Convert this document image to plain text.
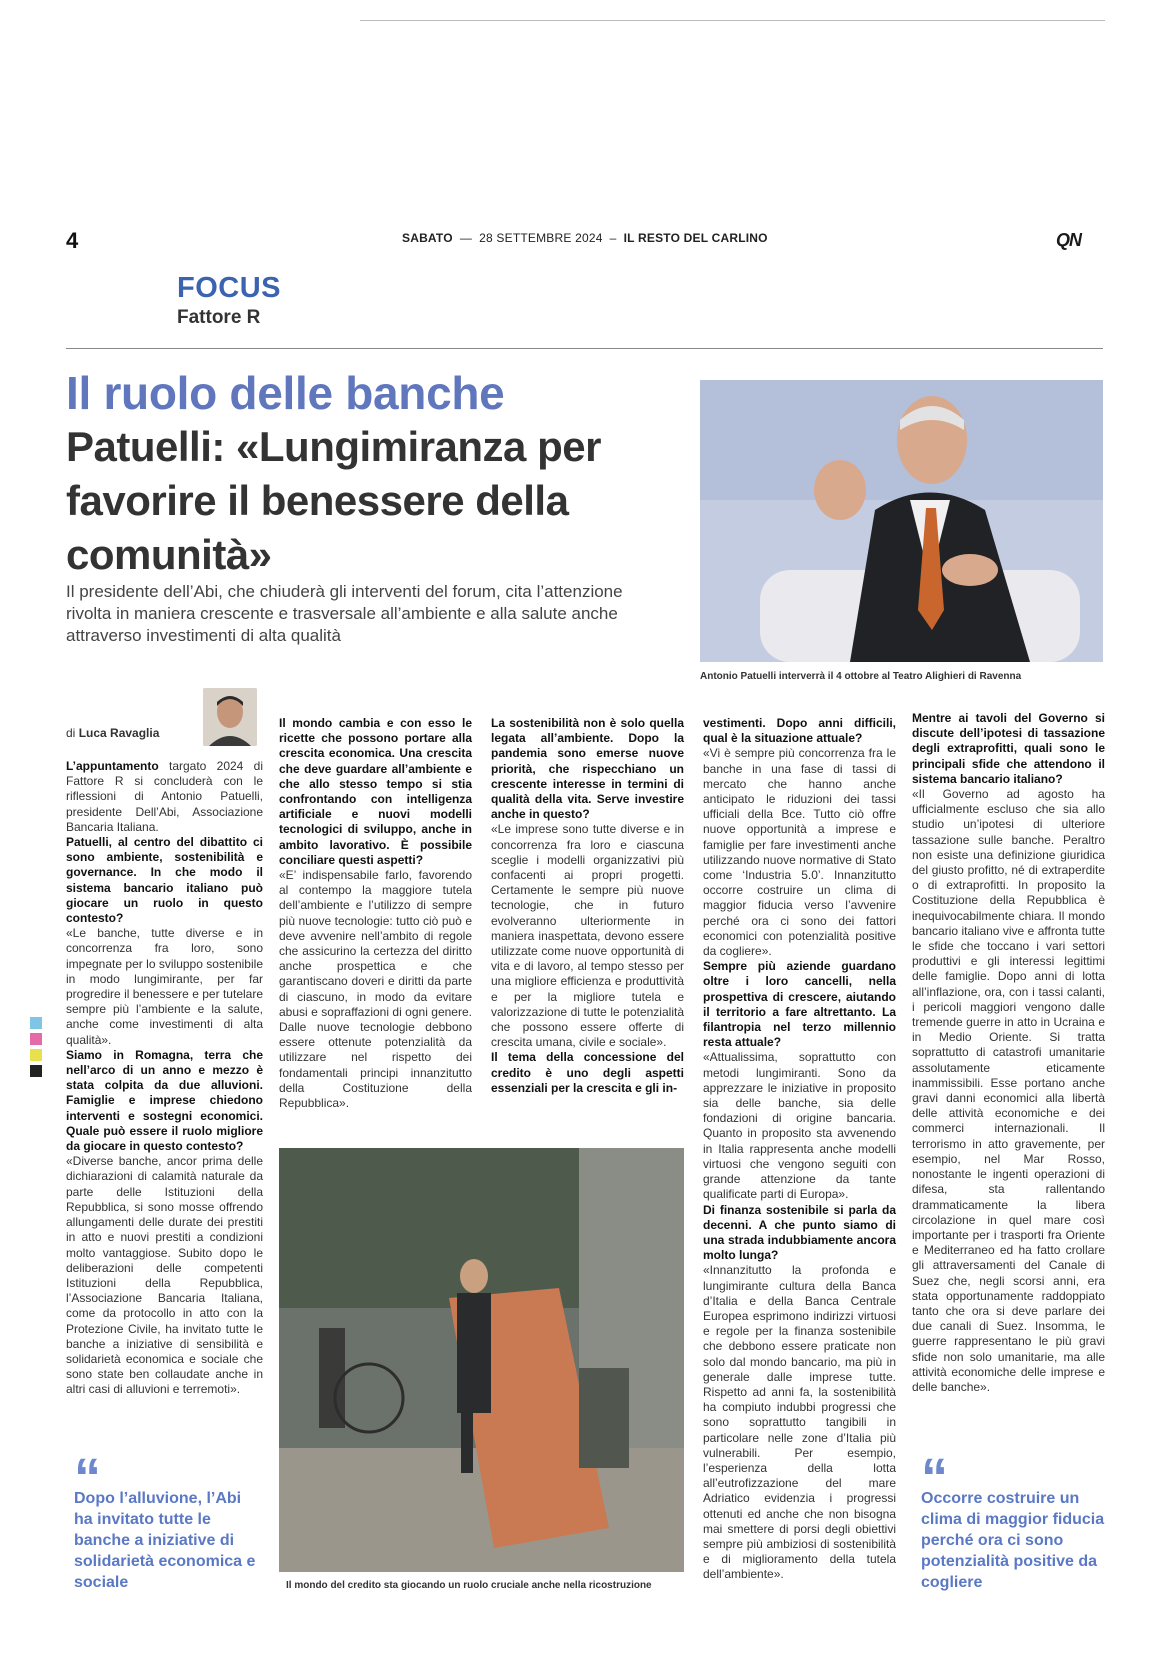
4	SABATO  —  28 SETTEMBRE 2024  –  IL RESTO DEL CARLINO	QN
FOCUS
Fattore R
Il ruolo delle banche
Patuelli: «Lungimiranza per favorire il benessere della comunità»
Il presidente dell’Abi, che chiuderà gli interventi del forum, cita l’attenzione rivolta in maniera crescente e trasversale all’ambiente e alla salute anche attraverso investimenti di alta qualità
Antonio Patuelli interverrà il 4 ottobre al Teatro Alighieri di Ravenna
di Luca Ravaglia

L’appuntamento targato 2024 di Fattore R si concluderà con le riflessioni di Antonio Patuelli, presidente Dell’Abi, Associazione Bancaria Italiana.

Patuelli, al centro del dibattito ci sono ambiente, sostenibilità e governance. In che modo il sistema bancario italiano può giocare un ruolo in questo contesto?

«Le banche, tutte diverse e in concorrenza fra loro, sono impegnate per lo sviluppo sostenibile in modo lungimirante, per far progredire il benessere e per tutelare sempre più l’ambiente e la salute, anche come investimenti di alta qualità».

Siamo in Romagna, terra che nell’arco di un anno e mezzo è stata colpita da due alluvioni. Famiglie e imprese chiedono interventi e sostegni economici. Quale può essere il ruolo migliore da giocare in questo contesto?

«Diverse banche, ancor prima delle dichiarazioni di calamità naturale da parte delle Istituzioni della Repubblica, si sono mosse offrendo allungamenti delle durate dei prestiti in atto e nuovi prestiti a condizioni molto vantaggiose. Subito dopo le deliberazioni delle competenti Istituzioni della Repubblica, l’Associazione Bancaria Italiana, come da protocollo in atto con la Protezione Civile, ha invitato tutte le banche a iniziative di sensibilità e solidarietà economica e sociale che sono state ben collaudate anche in altri casi di alluvioni e terremoti».

Il mondo cambia e con esso le ricette che possono portare alla crescita economica. Una crescita che deve guardare all’ambiente e che allo stesso tempo si stia confrontando con intelligenza artificiale e nuovi modelli tecnologici di sviluppo, anche in ambito lavorativo. È possibile conciliare questi aspetti?

«E’ indispensabile farlo, favorendo al contempo la maggiore tutela dell’ambiente e l’utilizzo di sempre più nuove tecnologie: tutto ciò può e deve avvenire nell’ambito di regole che assicurino la certezza del diritto anche prospettica e che garantiscano doveri e diritti da parte di ciascuno, in modo da evitare abusi e sopraffazioni di ogni genere. Dalle nuove tecnologie debbono essere ottenute potenzialità da utilizzare nel rispetto dei fondamentali principi innanzitutto della Costituzione della Repubblica».

La sostenibilità non è solo quella legata all’ambiente. Dopo la pandemia sono emerse nuove priorità, che rispecchiano un crescente interesse in termini di qualità della vita. Serve investire anche in questo?

«Le imprese sono tutte diverse e in concorrenza fra loro e ciascuna sceglie i modelli organizzativi più confacenti ai propri progetti. Certamente le sempre più nuove tecnologie, che in futuro evolveranno ulteriormente in maniera inaspettata, devono essere utilizzate come nuove opportunità di vita e di lavoro, al tempo stesso per una migliore efficienza e produttività e per la migliore tutela e valorizzazione di tutte le potenzialità che possono essere offerte di crescita umana, civile e sociale».

Il tema della concessione del credito è uno degli aspetti essenziali per la crescita e gli in-

vestimenti. Dopo anni difficili, qual è la situazione attuale?

«Vi è sempre più concorrenza fra le banche in una fase di tassi di mercato che hanno anche anticipato le riduzioni dei tassi ufficiali della Bce. Tutto ciò offre nuove opportunità a imprese e famiglie per fare investimenti anche utilizzando nuove normative di Stato come ‘Industria 5.0’. Innanzitutto occorre costruire un clima di maggior fiducia verso l’avvenire perché ora ci sono dei fattori economici con potenzialità positive da cogliere».

Sempre più aziende guardano oltre i loro cancelli, nella prospettiva di crescere, aiutando il territorio a fare altrettanto. La filantropia nel terzo millennio resta attuale?

«Attualissima, soprattutto con metodi lungimiranti. Sono da apprezzare le iniziative in proposito sia delle banche, sia delle fondazioni di origine bancaria. Quanto in proposito sta avvenendo in Italia rappresenta anche modelli virtuosi che vengono seguiti con grande attenzione da tante qualificate parti di Europa».

Di finanza sostenibile si parla da decenni. A che punto siamo di una strada indubbiamente ancora molto lunga?

«Innanzitutto la profonda e lungimirante cultura della Banca d’Italia e della Banca Centrale Europea esprimono indirizzi virtuosi e regole per la finanza sostenibile che debbono essere praticate non solo dal mondo bancario, ma più in generale dalle imprese tutte. Rispetto ad anni fa, la sostenibilità ha compiuto indubbi progressi che sono soprattutto tangibili in particolare nelle zone d’Italia più vulnerabili. Per esempio, l’esperienza della lotta all’eutrofizzazione del mare Adriatico evidenzia i progressi ottenuti ed anche che non bisogna mai smettere di porsi degli obiettivi sempre più ambiziosi di sostenibilità e di miglioramento della tutela dell’ambiente».

Mentre ai tavoli del Governo si discute dell’ipotesi di tassazione degli extraprofitti, quali sono le principali sfide che attendono il sistema bancario italiano?

«Il Governo ad agosto ha ufficialmente escluso che sia allo studio un’ipotesi di ulteriore tassazione sulle banche. Peraltro non esiste una definizione giuridica del giusto profitto, né di extraperdite o di extraprofitti. In proposito la Costituzione della Repubblica è inequivocabilmente chiara. Il mondo bancario italiano vive e affronta tutte le sfide che toccano i vari settori produttivi e gli interessi legittimi delle famiglie. Dopo anni di lotta all’inflazione, ora, con i tassi calanti, i pericoli maggiori vengono dalle tremende guerre in atto in Ucraina e in Medio Oriente. Si tratta soprattutto di catastrofi umanitarie assolutamente eticamente inammissibili. Esse portano anche gravi danni economici alla libertà delle attività economiche e dei commerci internazionali. Il terrorismo in atto gravemente, per esempio, nel Mar Rosso, nonostante le ingenti operazioni di difesa, sta rallentando drammaticamente la libera circolazione in quel mare così importante per i trasporti fra Oriente e Mediterraneo ed ha fatto crollare gli attraversamenti del Canale di Suez che, negli scorsi anni, era stata opportunamente raddoppiato tanto che ora si deve parlare dei due canali di Suez. Insomma, le guerre rappresentano le più gravi sfide non solo umanitarie, ma alle attività economiche delle imprese e delle banche».

Il mondo del credito sta giocando un ruolo cruciale anche nella ricostruzione
“
Dopo l’alluvione, l’Abi ha invitato tutte le banche a iniziative di solidarietà economica e sociale
“
Occorre costruire un clima di maggior fiducia perché ora ci sono potenzialità positive da cogliere
